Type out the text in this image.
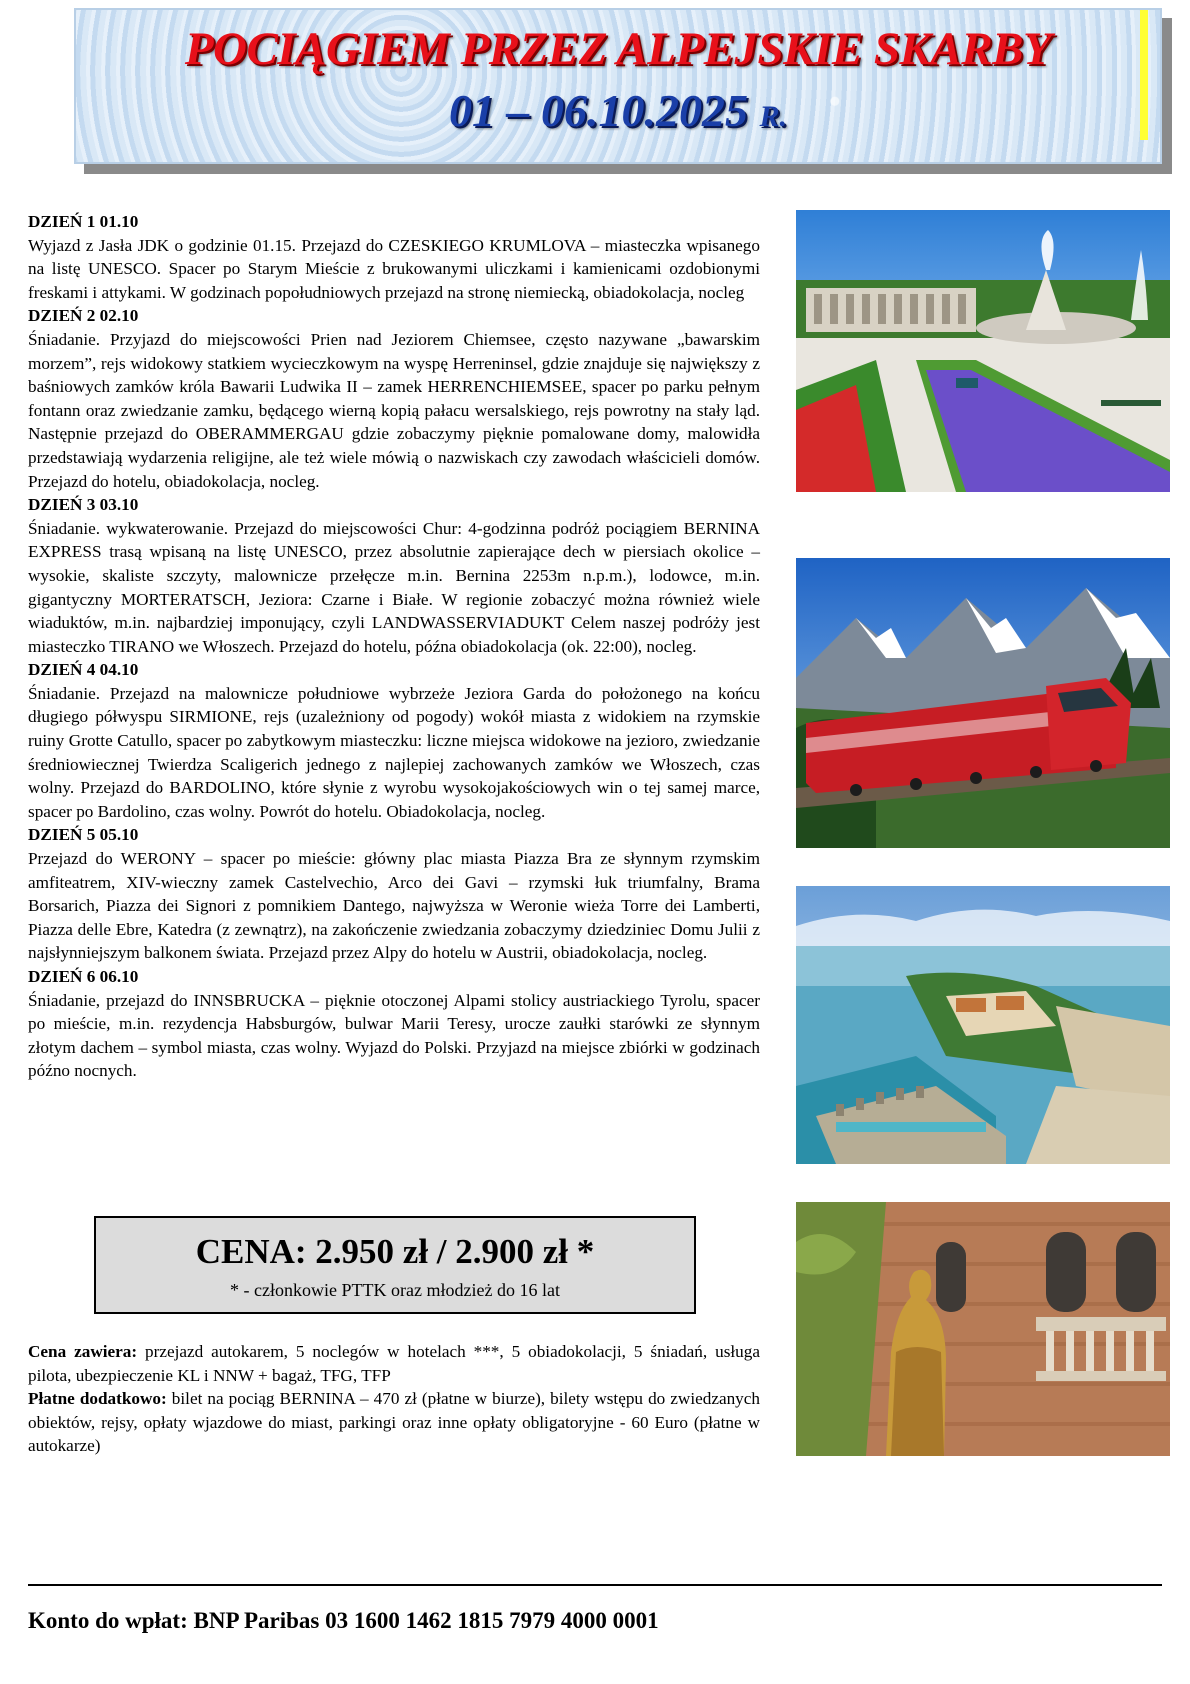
POCIĄGIEM PRZEZ ALPEJSKIE SKARBY
01 – 06.10.2025 R.

DZIEŃ 1 01.10
Wyjazd z Jasła JDK o godzinie 01.15. Przejazd do CZESKIEGO KRUMLOVA – miasteczka wpisanego na listę UNESCO. Spacer po Starym Mieście z brukowanymi uliczkami i kamienicami ozdobionymi freskami i attykami. W godzinach popołudniowych przejazd na stronę niemiecką, obiadokolacja, nocleg

DZIEŃ 2 02.10
Śniadanie. Przyjazd do miejscowości Prien nad Jeziorem Chiemsee, często nazywane „bawarskim morzem”, rejs widokowy statkiem wycieczkowym na wyspę Herreninsel, gdzie znajduje się największy z baśniowych zamków króla Bawarii Ludwika II – zamek HERRENCHIEMSEE, spacer po parku pełnym fontann oraz zwiedzanie zamku, będącego wierną kopią pałacu wersalskiego, rejs powrotny na stały ląd. Następnie przejazd do OBERAMMERGAU gdzie zobaczymy pięknie pomalowane domy, malowidła przedstawiają wydarzenia religijne, ale też wiele mówią o nazwiskach czy zawodach właścicieli domów. Przejazd do hotelu, obiadokolacja, nocleg.

DZIEŃ 3 03.10
Śniadanie. wykwaterowanie. Przejazd do miejscowości Chur: 4-godzinna podróż pociągiem BERNINA EXPRESS trasą wpisaną na listę UNESCO, przez absolutnie zapierające dech w piersiach okolice – wysokie, skaliste szczyty, malownicze przełęcze m.in. Bernina 2253m n.p.m.), lodowce, m.in. gigantyczny MORTERATSCH, Jeziora: Czarne i Białe. W regionie zobaczyć można również wiele wiaduktów, m.in. najbardziej imponujący, czyli LANDWASSERVIADUKT Celem naszej podróży jest miasteczko TIRANO we Włoszech. Przejazd do hotelu, późna obiadokolacja (ok. 22:00), nocleg.

DZIEŃ 4 04.10
Śniadanie. Przejazd na malownicze południowe wybrzeże Jeziora Garda do położonego na końcu długiego półwyspu SIRMIONE, rejs (uzależniony od pogody) wokół miasta z widokiem na rzymskie ruiny Grotte Catullo, spacer po zabytkowym miasteczku: liczne miejsca widokowe na jezioro, zwiedzanie średniowiecznej Twierdza Scaligerich jednego z najlepiej zachowanych zamków we Włoszech, czas wolny. Przejazd do BARDOLINO, które słynie z wyrobu wysokojakościowych win o tej samej marce, spacer po Bardolino, czas wolny. Powrót do hotelu. Obiadokolacja, nocleg.

DZIEŃ 5 05.10
Przejazd do WERONY – spacer po mieście: główny plac miasta Piazza Bra ze słynnym rzymskim amfiteatrem, XIV-wieczny zamek Castelvechio, Arco dei Gavi – rzymski łuk triumfalny, Brama Borsarich, Piazza dei Signori z pomnikiem Dantego, najwyższa w Weronie wieża Torre dei Lamberti, Piazza delle Ebre, Katedra (z zewnątrz), na zakończenie zwiedzania zobaczymy dziedziniec Domu Julii z najsłynniejszym balkonem świata. Przejazd przez Alpy do hotelu w Austrii, obiadokolacja, nocleg.

DZIEŃ 6 06.10
Śniadanie, przejazd do INNSBRUCKA – pięknie otoczonej Alpami stolicy austriackiego Tyrolu, spacer po mieście, m.in. rezydencja Habsburgów, bulwar Marii Teresy, urocze zaułki starówki ze słynnym złotym dachem – symbol miasta, czas wolny. Wyjazd do Polski. Przyjazd na miejsce zbiórki w godzinach późno nocnych.

CENA: 2.950 zł / 2.900 zł *
* - członkowie PTTK oraz młodzież do 16 lat

Cena zawiera: przejazd autokarem, 5 noclegów w hotelach ***, 5 obiadokolacji, 5 śniadań, usługa pilota, ubezpieczenie KL i NNW + bagaż, TFG, TFP

Płatne dodatkowo: bilet na pociąg BERNINA – 470 zł (płatne w biurze), bilety wstępu do zwiedzanych obiektów, rejsy, opłaty wjazdowe do miast, parkingi oraz inne opłaty obligatoryjne - 60 Euro (płatne w autokarze)

Konto do wpłat: BNP Paribas 03 1600 1462 1815 7979 4000 0001
